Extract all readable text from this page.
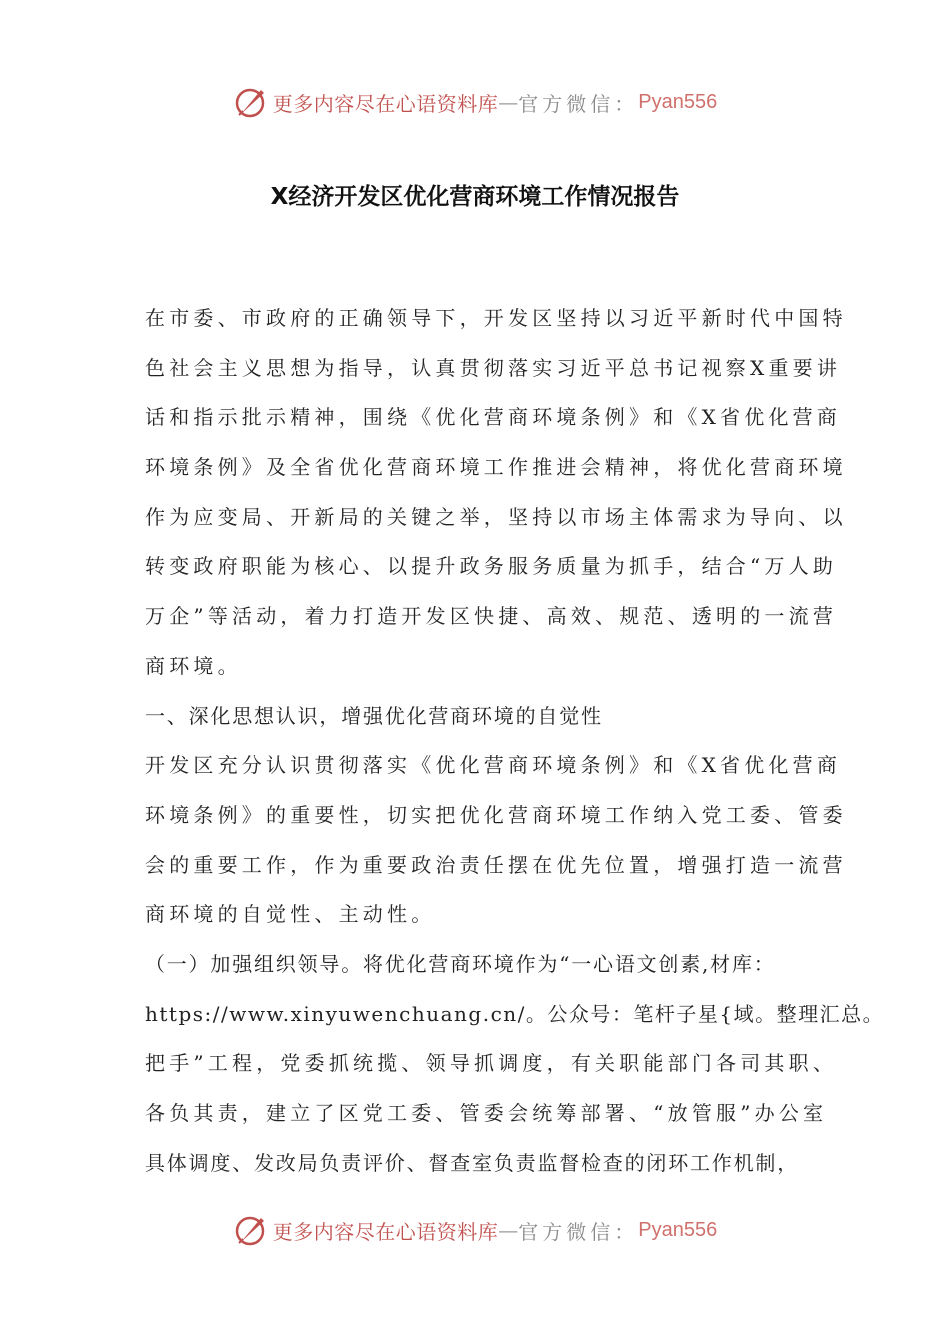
更多内容尽在心语资料库 — 官方微信： Pyan556
X经济开发区优化营商环境工作情况报告
在市委、市政府的正确领导下，开发区坚持以习近平新时代中国特
色社会主义思想为指导，认真贯彻落实习近平总书记视察X重要讲
话和指示批示精神，围绕《优化营商环境条例》和《X省优化营商
环境条例》及全省优化营商环境工作推进会精神，将优化营商环境
作为应变局、开新局的关键之举，坚持以市场主体需求为导向、以
转变政府职能为核心、以提升政务服务质量为抓手，结合“万人助
万企”等活动，着力打造开发区快捷、高效、规范、透明的一流营
商环境。
一、深化思想认识，增强优化营商环境的自觉性
开发区充分认识贯彻落实《优化营商环境条例》和《X省优化营商
环境条例》的重要性，切实把优化营商环境工作纳入党工委、管委
会的重要工作，作为重要政治责任摆在优先位置，增强打造一流营
商环境的自觉性、主动性。
（一）加强组织领导。将优化营商环境作为“一心语文创素,材库：
https://www.xinyuwenchuang.cn/。公众号：笔杆子星{域。整理汇总。
把手”工程，党委抓统揽、领导抓调度，有关职能部门各司其职、
各负其责，建立了区党工委、管委会统筹部署、“放管服”办公室
具体调度、发改局负责评价、督查室负责监督检查的闭环工作机制，
更多内容尽在心语资料库 — 官方微信： Pyan556
